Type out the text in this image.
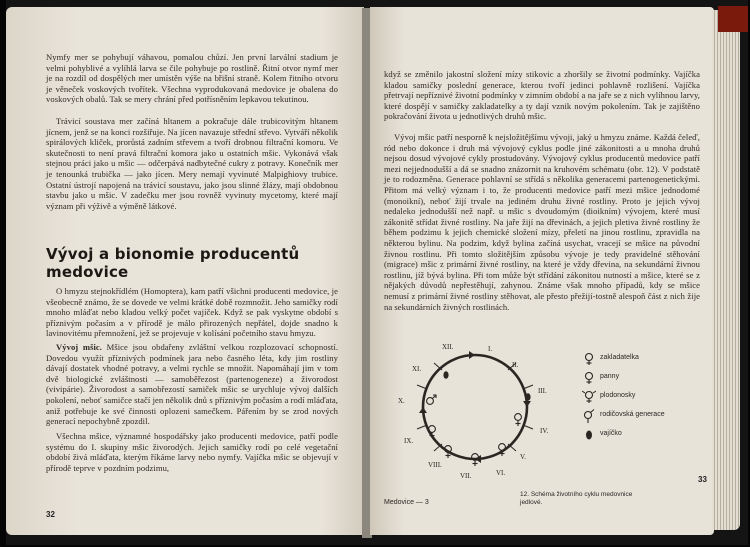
Nymfy mer se pohybují váhavou, pomalou chůzí. Jen první larvální stadium je velmi pohyblivé a vylíhlá larva se čile pohybuje po rostlině. Řitní otvor nymf mer je na rozdíl od dospělých mer umístěn výše na břišní straně. Kolem řitního otvoru je věneček voskových tvořítek. Všechna vyprodukovaná medovice je obalena do voskových obalů. Tak se mery chrání před potřísněním lepkavou tekutinou.

Trávicí soustava mer začíná hltanem a pokračuje dále trubicovitým hltanem jícnem, jenž se na konci rozšiřuje. Na jícen navazuje střední střevo. Vytváří několik spirálových kliček, prorůstá zadním střevem a tvoří drobnou filtrační komoru. Ve skutečnosti to není pravá filtrační komora jako u ostatních mšic. Vykonává však stejnou práci jako u mšic — odčerpává nadbytečné cukry z potravy. Konečník mer je tenounká trubička — jako jícen. Mery nemají vyvinuté Malpighiovy trubice. Ostatní ústrojí napojená na trávicí soustavu, jako jsou slinné žlázy, mají obdobnou stavbu jako u mšic. V zadečku mer jsou rovněž vyvinuty mycetomy, které mají význam při výživě a výměně látkové.

Vývoj a bionomie producentů medovice

O hmyzu stejnokřídlém (Homoptera), kam patří všichni producenti medovice, je všeobecně známo, že se dovede ve velmi krátké době rozmnožit. Jeho samičky rodí mnoho mláďat nebo kladou velký počet vajíček. Když se pak vyskytne období s příznivým počasím a v přírodě je málo přirozených nepřátel, dojde snadno k lavinovitému přemnožení, jež se projevuje v kolísání početního stavu hmyzu.

Vývoj mšic. Mšice jsou obdařeny zvláštní velkou rozplozovací schopností. Dovedou využít příznivých podmínek jara nebo časného léta, kdy jim rostliny dávají dostatek vhodné potravy, a velmi rychle se množit. Napomáhají jim v tom dvě biologické zvláštnosti — samoběřezost (partenogeneze) a živorodost (vivipárie). Živorodost a samobřezostí samiček mšic se urychluje vývoj dalších pokolení, neboť samičce stačí jen několik dnů s příznivým počasím a rodí mláďata, aniž potřebuje ke své činnosti oplozeni samečkem. Pářením by se zrod nových generací nepochybně zpozdil.

Všechna mšice, významné hospodářsky jako producenti medovice, patří podle systému do I. skupiny mšic živorodých. Jejich samičky rodí po celé vegetační období živá mláďata, kterým říkáme larvy nebo nymfy. Vajíčka mšic se objevují v přírodě teprve v pozdním podzimu,

32

když se změnilo jakostní složení mízy stikovic a zhoršily se životní podmínky. Vajíčka kladou samičky poslední generace, kterou tvoří jedinci pohlavně rozlišení. Vajíčka přetrvají nepříznivé životní podmínky v zimním období a na jaře se z nich vylíhnou larvy, které dospějí v samičky zakladatelky a ty dají vznik novým pokolením. Tak je zajištěno pokračování života u jednotlivých druhů mšic.

Vývoj mšic patří nesporně k nejsložitějšímu vývoji, jaký u hmyzu známe. Každá čeleď, ród nebo dokonce i druh má vývojový cyklus podle jiné zákonitosti a u mnoha druhů nejsou dosud vývojové cykly prostudovány. Vývojový cyklus producentů medovice patří mezi nejjednodušší a dá se snadno znázornit na kruhovém schématu (obr. 12). V podstatě je to rodozměna. Generace pohlavní se střídá s několika generacemi partenogenetickými. Přitom má velký význam i to, že producenti medovice patří mezi mšice jednodomé (monoikní), neboť žijí trvale na jediném druhu živné rostliny. Proto je jejich vývoj nedaleko jednodušší než např. u mšic s dvoudomým (dioikním) vývojem, které musí zákonitě střídat živné rostliny. Na jaře žijí na dřevinách, a jejich pletiva živné rostliny že během podzimu k jejich chemické složení mízy, přeletí na jinou rostlinu, zpravidla na některou bylinu. Na podzim, když bylina začíná usychat, vracejí se mšice na původní živnou rostlinu. Při tomto složitějším způsobu vývoje je tedy pravidelné stěhování (migrace) mšic z primární živné rostliny, na které je vždy dřevina, na sekundární živnou rostlinu, jíž bývá bylina. Při tom může být střídání zákonitou nutností a mšice, které se z nějakých důvodů nepřestěhují, zahynou. Známe však mnoho případů, kdy se mšice nemusí z primární živné rostliny stěhovat, ale přesto přežijí-tostně alespoň část z nich žije na sekundárních živných rostlinách.

I.
II.
III.
IV.
V.
VI.
VII.
VIII.
IX.
X.
XI.
XII.
zakladatelka
panny
plodonosky
rodičovská generace
vajíčko
12. Schéma životního cyklu medovnice jedlové.
Medovice — 3
33
